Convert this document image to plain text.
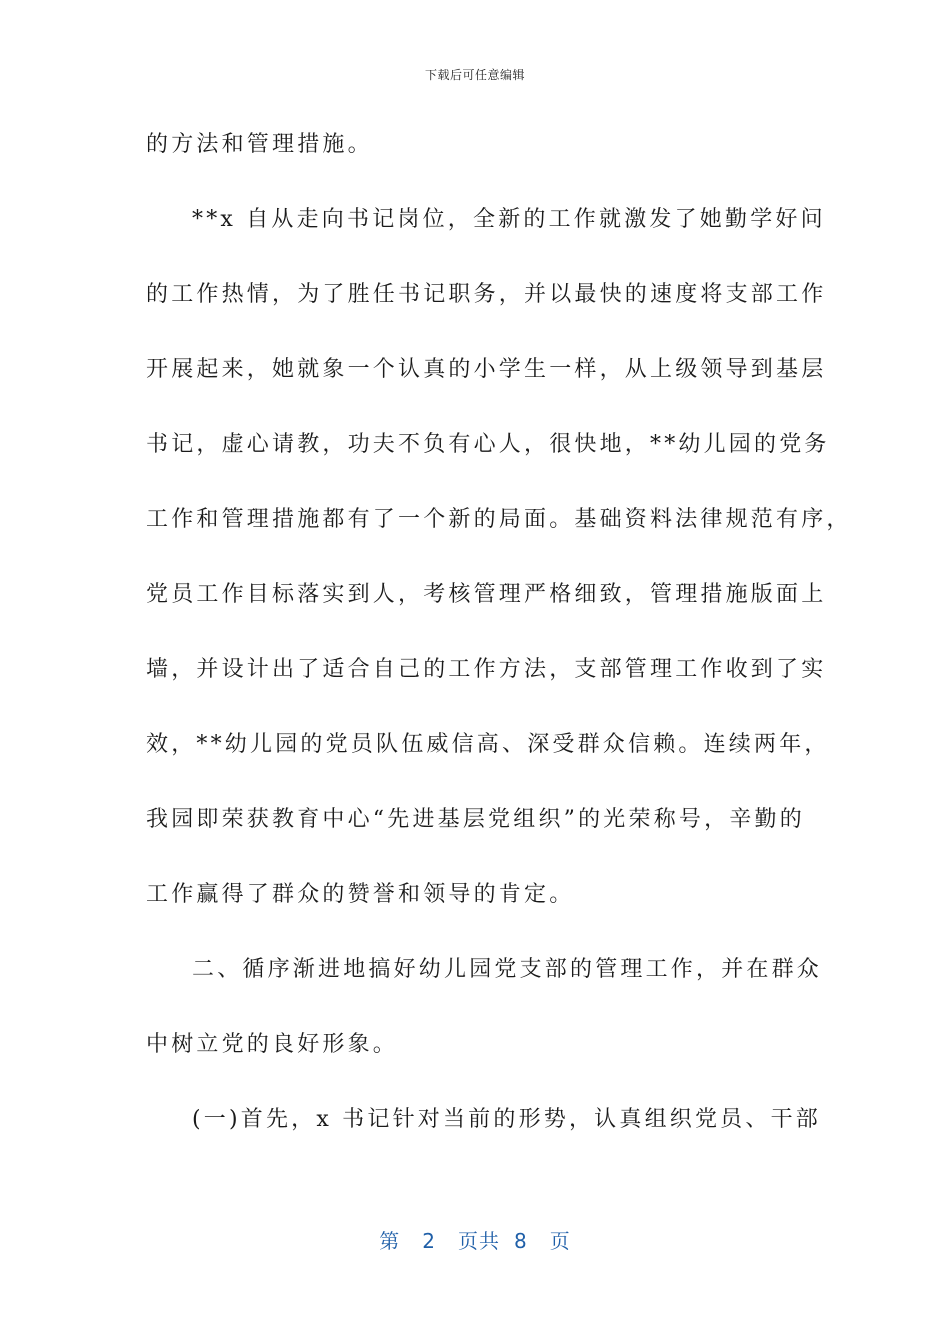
下载后可任意编辑
的方法和管理措施。
**x 自从走向书记岗位，全新的工作就激发了她勤学好问
的工作热情，为了胜任书记职务，并以最快的速度将支部工作
开展起来，她就象一个认真的小学生一样，从上级领导到基层
书记，虚心请教，功夫不负有心人，很快地，**幼儿园的党务
工作和管理措施都有了一个新的局面。基础资料法律规范有序，
党员工作目标落实到人，考核管理严格细致，管理措施版面上
墙，并设计出了适合自己的工作方法，支部管理工作收到了实
效，**幼儿园的党员队伍威信高、深受群众信赖。连续两年，
我园即荣获教育中心“先进基层党组织”的光荣称号，辛勤的
工作赢得了群众的赞誉和领导的肯定。
二、循序渐进地搞好幼儿园党支部的管理工作，并在群众
中树立党的良好形象。
(一)首先，x 书记针对当前的形势，认真组织党员、干部
第 2 页共 8 页
